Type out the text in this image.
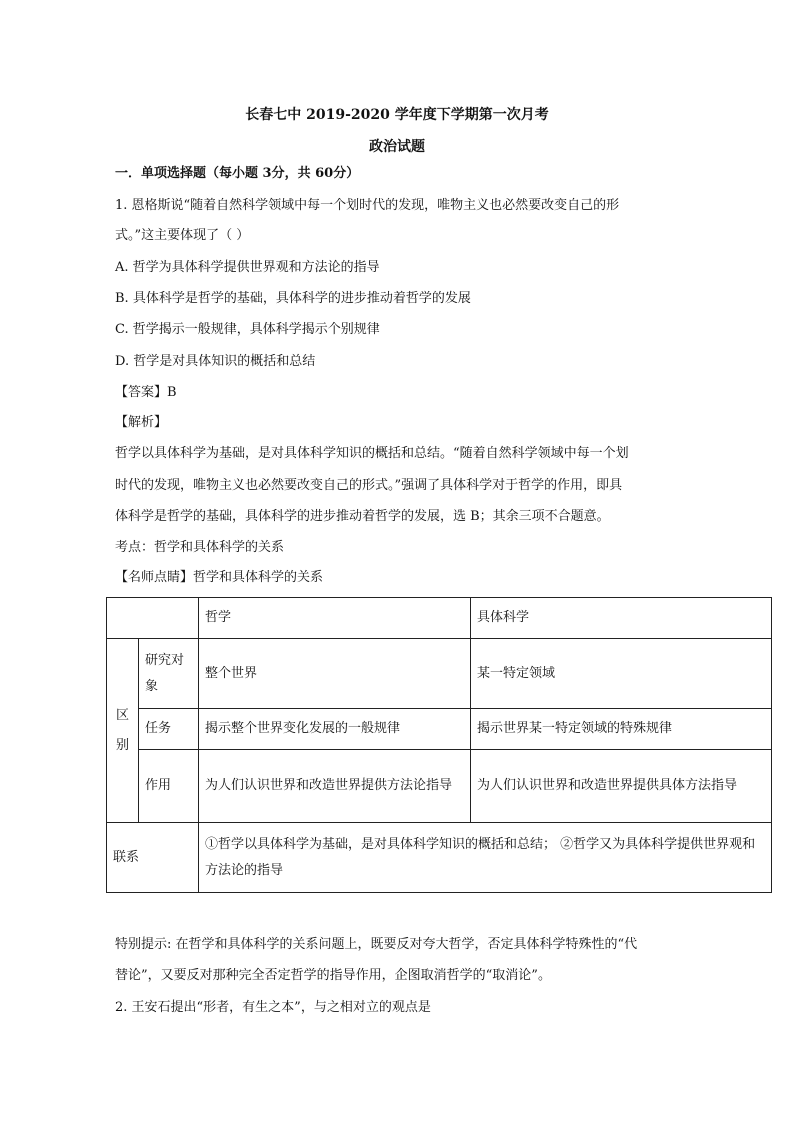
长春七中 2019-2020 学年度下学期第一次月考
政治试题
一．单项选择题（每小题 3分，共 60分）
1. 恩格斯说“随着自然科学领域中每一个划时代的发现，唯物主义也必然要改变自己的形
式。”这主要体现了（ ）
A. 哲学为具体科学提供世界观和方法论的指导
B. 具体科学是哲学的基础，具体科学的进步推动着哲学的发展
C. 哲学揭示一般规律，具体科学揭示个别规律
D. 哲学是对具体知识的概括和总结
【答案】B
【解析】
哲学以具体科学为基础，是对具体科学知识的概括和总结。“随着自然科学领域中每一个划
时代的发现，唯物主义也必然要改变自己的形式。”强调了具体科学对于哲学的作用，即具
体科学是哲学的基础，具体科学的进步推动着哲学的发展，选 B；其余三项不合题意。
考点：哲学和具体科学的关系
【名师点睛】哲学和具体科学的关系
		哲学	具体科学
区别	研究对象	整个世界	某一特定领域
	任务	揭示整个世界变化发展的一般规律	揭示世界某一特定领域的特殊规律
	作用	为人们认识世界和改造世界提供方法论指导	为人们认识世界和改造世界提供具体方法指导
联系		①哲学以具体科学为基础，是对具体科学知识的概括和总结； ②哲学又为具体科学提供世界观和方法论的指导	
特别提示: 在哲学和具体科学的关系问题上，既要反对夸大哲学，否定具体科学特殊性的“代
替论”，又要反对那种完全否定哲学的指导作用，企图取消哲学的“取消论”。
2. 王安石提出“形者，有生之本”，与之相对立的观点是
